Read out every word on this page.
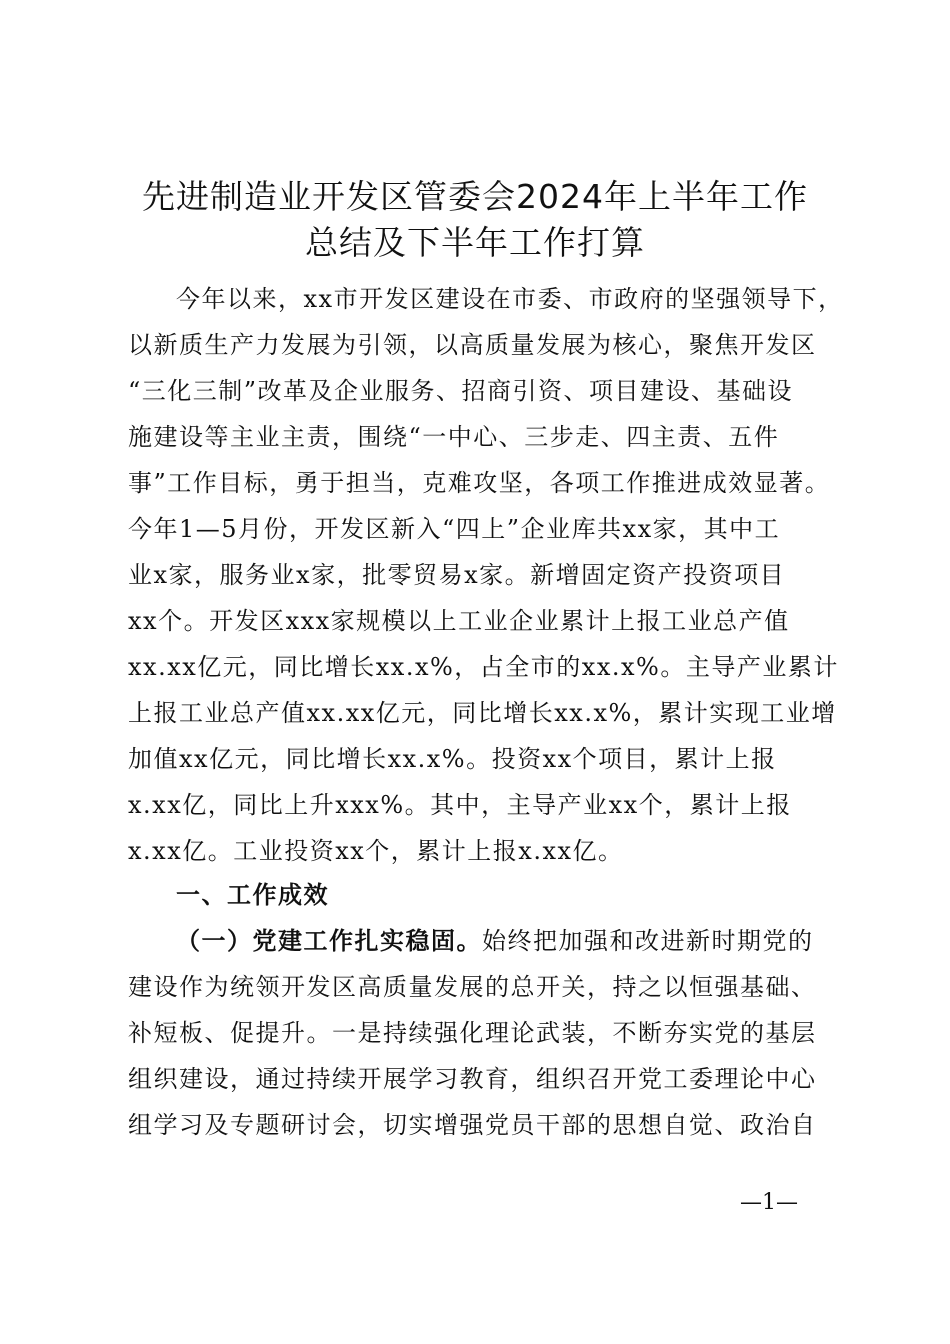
先进制造业开发区管委会2024年上半年工作
总结及下半年工作打算

今年以来，xx市开发区建设在市委、市政府的坚强领导下，

以新质生产力发展为引领，以高质量发展为核心，聚焦开发区

“三化三制”改革及企业服务、招商引资、项目建设、基础设

施建设等主业主责，围绕“一中心、三步走、四主责、五件

事”工作目标，勇于担当，克难攻坚，各项工作推进成效显著。

今年1—5月份，开发区新入“四上”企业库共xx家，其中工

业x家，服务业x家，批零贸易x家。新增固定资产投资项目

xx个。开发区xxx家规模以上工业企业累计上报工业总产值

xx.xx亿元，同比增长xx.x%，占全市的xx.x%。主导产业累计

上报工业总产值xx.xx亿元，同比增长xx.x%，累计实现工业增

加值xx亿元，同比增长xx.x%。投资xx个项目，累计上报

x.xx亿，同比上升xxx%。其中，主导产业xx个，累计上报

x.xx亿。工业投资xx个，累计上报x.xx亿。

一、工作成效

（一）党建工作扎实稳固。始终把加强和改进新时期党的

建设作为统领开发区高质量发展的总开关，持之以恒强基础、

补短板、促提升。一是持续强化理论武装，不断夯实党的基层

组织建设，通过持续开展学习教育，组织召开党工委理论中心

组学习及专题研讨会，切实增强党员干部的思想自觉、政治自

—1—
